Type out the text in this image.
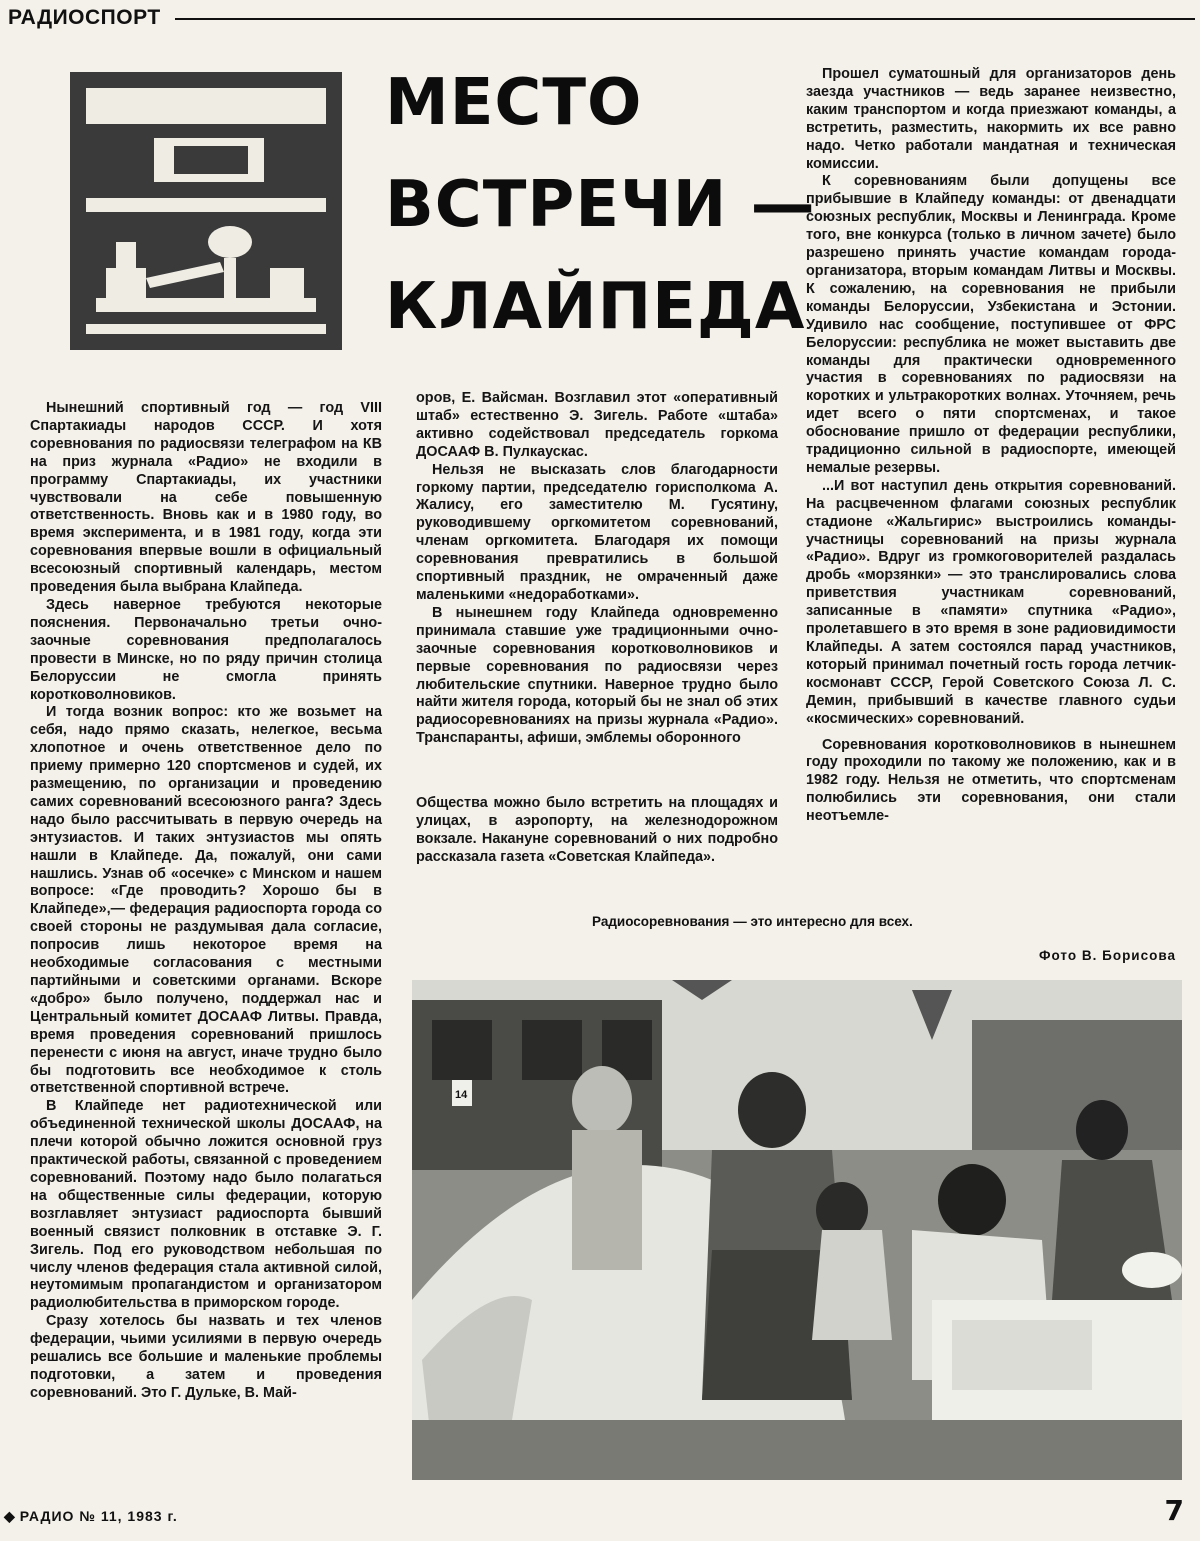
РАДИОСПОРТ
МЕСТО
ВСТРЕЧИ —
КЛАЙПЕДА

Нынешний спортивный год — год VIII Спартакиады народов СССР. И хотя соревнования по радиосвязи телеграфом на КВ на приз журнала «Радио» не входили в программу Спартакиады, их участники чувствовали на себе повышенную ответственность. Вновь как и в 1980 году, во время эксперимента, и в 1981 году, когда эти соревнования впервые вошли в официальный всесоюзный спортивный календарь, местом проведения была выбрана Клайпеда.

Здесь наверное требуются некоторые пояснения. Первоначально третьи очно-заочные соревнования предполагалось провести в Минске, но по ряду причин столица Белоруссии не смогла принять коротковолновиков.

И тогда возник вопрос: кто же возьмет на себя, надо прямо сказать, нелегкое, весьма хлопотное и очень ответственное дело по приему примерно 120 спортсменов и судей, их размещению, по организации и проведению самих соревнований всесоюзного ранга? Здесь надо было рассчитывать в первую очередь на энтузиастов. И таких энтузиастов мы опять нашли в Клайпеде. Да, пожалуй, они сами нашлись. Узнав об «осечке» с Минском и нашем вопросе: «Где проводить? Хорошо бы в Клайпеде»,— федерация радиоспорта города со своей стороны не раздумывая дала согласие, попросив лишь некоторое время на необходимые согласования с местными партийными и советскими органами. Вскоре «добро» было получено, поддержал нас и Центральный комитет ДОСААФ Литвы. Правда, время проведения соревнований пришлось перенести с июня на август, иначе трудно было бы подготовить все необходимое к столь ответственной спортивной встрече.

В Клайпеде нет радиотехнической или объединенной технической школы ДОСААФ, на плечи которой обычно ложится основной груз практической работы, связанной с проведением соревнований. Поэтому надо было полагаться на общественные силы федерации, которую возглавляет энтузиаст радиоспорта бывший военный связист полковник в отставке Э. Г. Зигель. Под его руководством небольшая по числу членов федерация стала активной силой, неутомимым пропагандистом и организатором радиолюбительства в приморском городе.

Сразу хотелось бы назвать и тех членов федерации, чьими усилиями в первую очередь решались все большие и маленькие проблемы подготовки, а затем и проведения соревнований. Это Г. Дулькe, В. Май-

оров, Е. Вайсман. Возглавил этот «оперативный штаб» естественно Э. Зигель. Работе «штаба» активно содействовал председатель горкома ДОСААФ В. Пулкаускас.

Нельзя не высказать слов благодарности горкому партии, председателю горисполкома А. Жалису, его заместителю М. Гусятину, руководившему оргкомитетом соревнований, членам оргкомитета. Благодаря их помощи соревнования превратились в большой спортивный праздник, не омраченный даже маленькими «недоработками».

В нынешнем году Клайпеда одновременно принимала ставшие уже традиционными очно-заочные соревнования коротковолновиков и первые соревнования по радиосвязи через любительские спутники. Наверное трудно было найти жителя города, который бы не знал об этих радиосоревнованиях на призы журнала «Радио». Транспаранты, афиши, эмблемы оборонного

Общества можно было встретить на площадях и улицах, в аэропорту, на железнодорожном вокзале. Накануне соревнований о них подробно рассказала газета «Советская Клайпеда».

Прошел суматошный для организаторов день заезда участников — ведь заранее неизвестно, каким транспортом и когда приезжают команды, а встретить, разместить, накормить их все равно надо. Четко работали мандатная и техническая комиссии.

К соревнованиям были допущены все прибывшие в Клайпеду команды: от двенадцати союзных республик, Москвы и Ленинграда. Кроме того, вне конкурса (только в личном зачете) было разрешено принять участие командам города-организатора, вторым командам Литвы и Москвы. К сожалению, на соревнования не прибыли команды Белоруссии, Узбекистана и Эстонии. Удивило нас сообщение, поступившее от ФРС Белоруссии: республика не может выставить две команды для практически одновременного участия в соревнованиях по радиосвязи на коротких и ультракоротких волнах. Уточняем, речь идет всего о пяти спортсменах, и такое обоснование пришло от федерации республики, традиционно сильной в радиоспорте, имеющей немалые резервы.

...И вот наступил день открытия соревнований. На расцвеченном флагами союзных республик стадионе «Жальгирис» выстроились команды-участницы соревнований на призы журнала «Радио». Вдруг из громкоговорителей раздалась дробь «морзянки» — это транслировались слова приветствия участникам соревнований, записанные в «памяти» спутника «Радио», пролетавшего в это время в зоне радиовидимости Клайпеды. А затем состоялся парад участников, который принимал почетный гость города летчик-космонавт СССР, Герой Советского Союза Л. С. Демин, прибывший в качестве главного судьи «космических» соревнований.

Соревнования коротковолновиков в нынешнем году проходили по такому же положению, как и в 1982 году. Нельзя не отметить, что спортсменам полюбились эти соревнования, они стали неотъемле-

Радиосоревнования — это интересно для всех.
Фото В. Борисова
14
◆ РАДИО № 11, 1983 г.	7
